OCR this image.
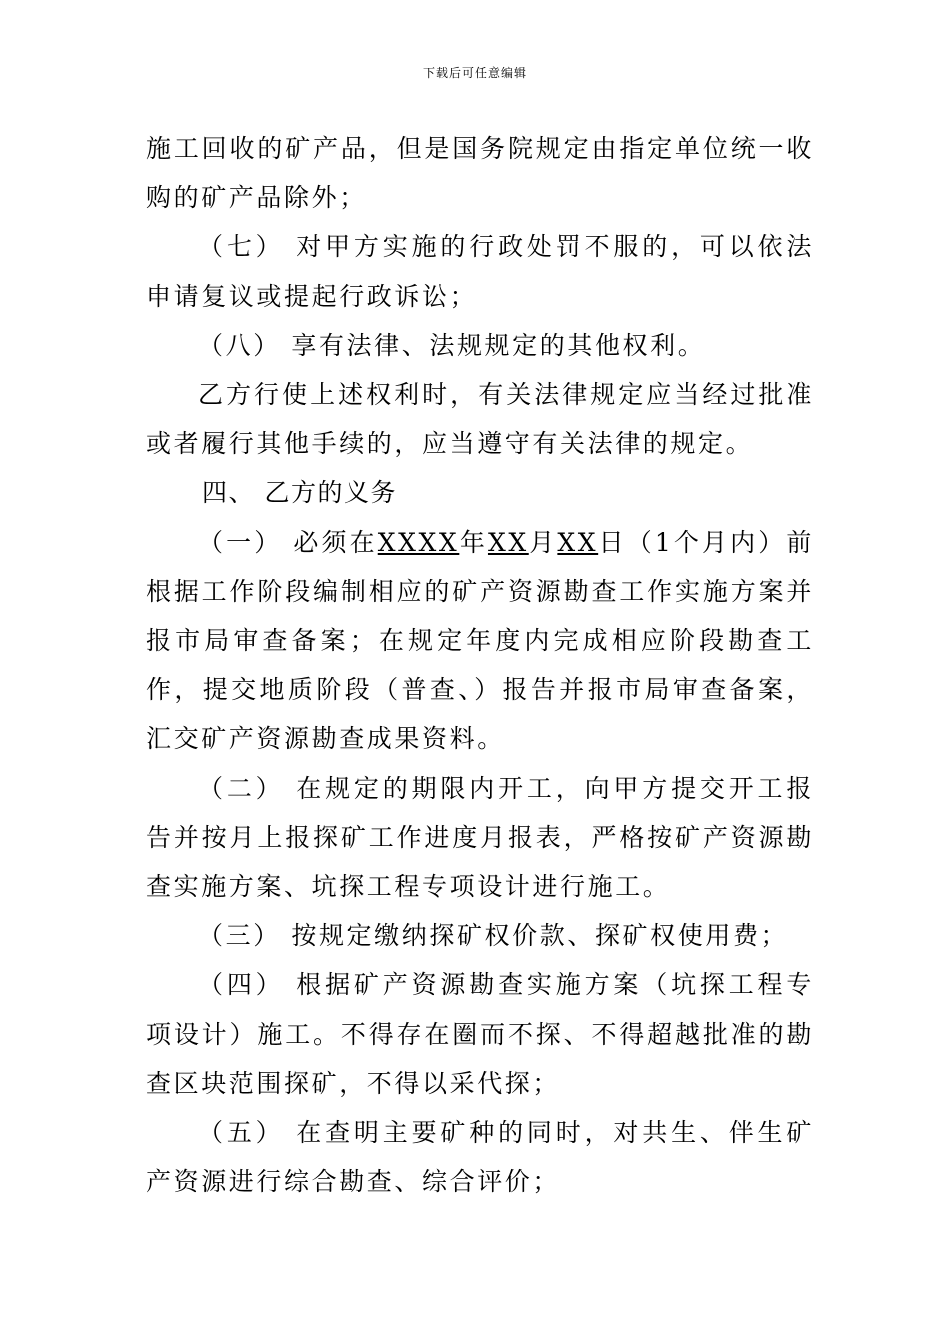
下载后可任意编辑

施工回收的矿产品，但是国务院规定由指定单位统一收购的矿产品除外；

（七） 对甲方实施的行政处罚不服的，可以依法申请复议或提起行政诉讼；

（八） 享有法律、法规规定的其他权利。

乙方行使上述权利时，有关法律规定应当经过批准或者履行其他手续的，应当遵守有关法律的规定。

四、 乙方的义务

（一） 必须在XXXX年XX月XX日（1个月内）前根据工作阶段编制相应的矿产资源勘查工作实施方案并报市局审查备案；在规定年度内完成相应阶段勘查工作，提交地质阶段（普查、）报告并报市局审查备案，汇交矿产资源勘查成果资料。

（二） 在规定的期限内开工，向甲方提交开工报告并按月上报探矿工作进度月报表，严格按矿产资源勘查实施方案、坑探工程专项设计进行施工。

（三） 按规定缴纳探矿权价款、探矿权使用费；

（四） 根据矿产资源勘查实施方案（坑探工程专项设计）施工。不得存在圈而不探、不得超越批准的勘查区块范围探矿，不得以采代探；

（五） 在查明主要矿种的同时，对共生、伴生矿产资源进行综合勘查、综合评价；
